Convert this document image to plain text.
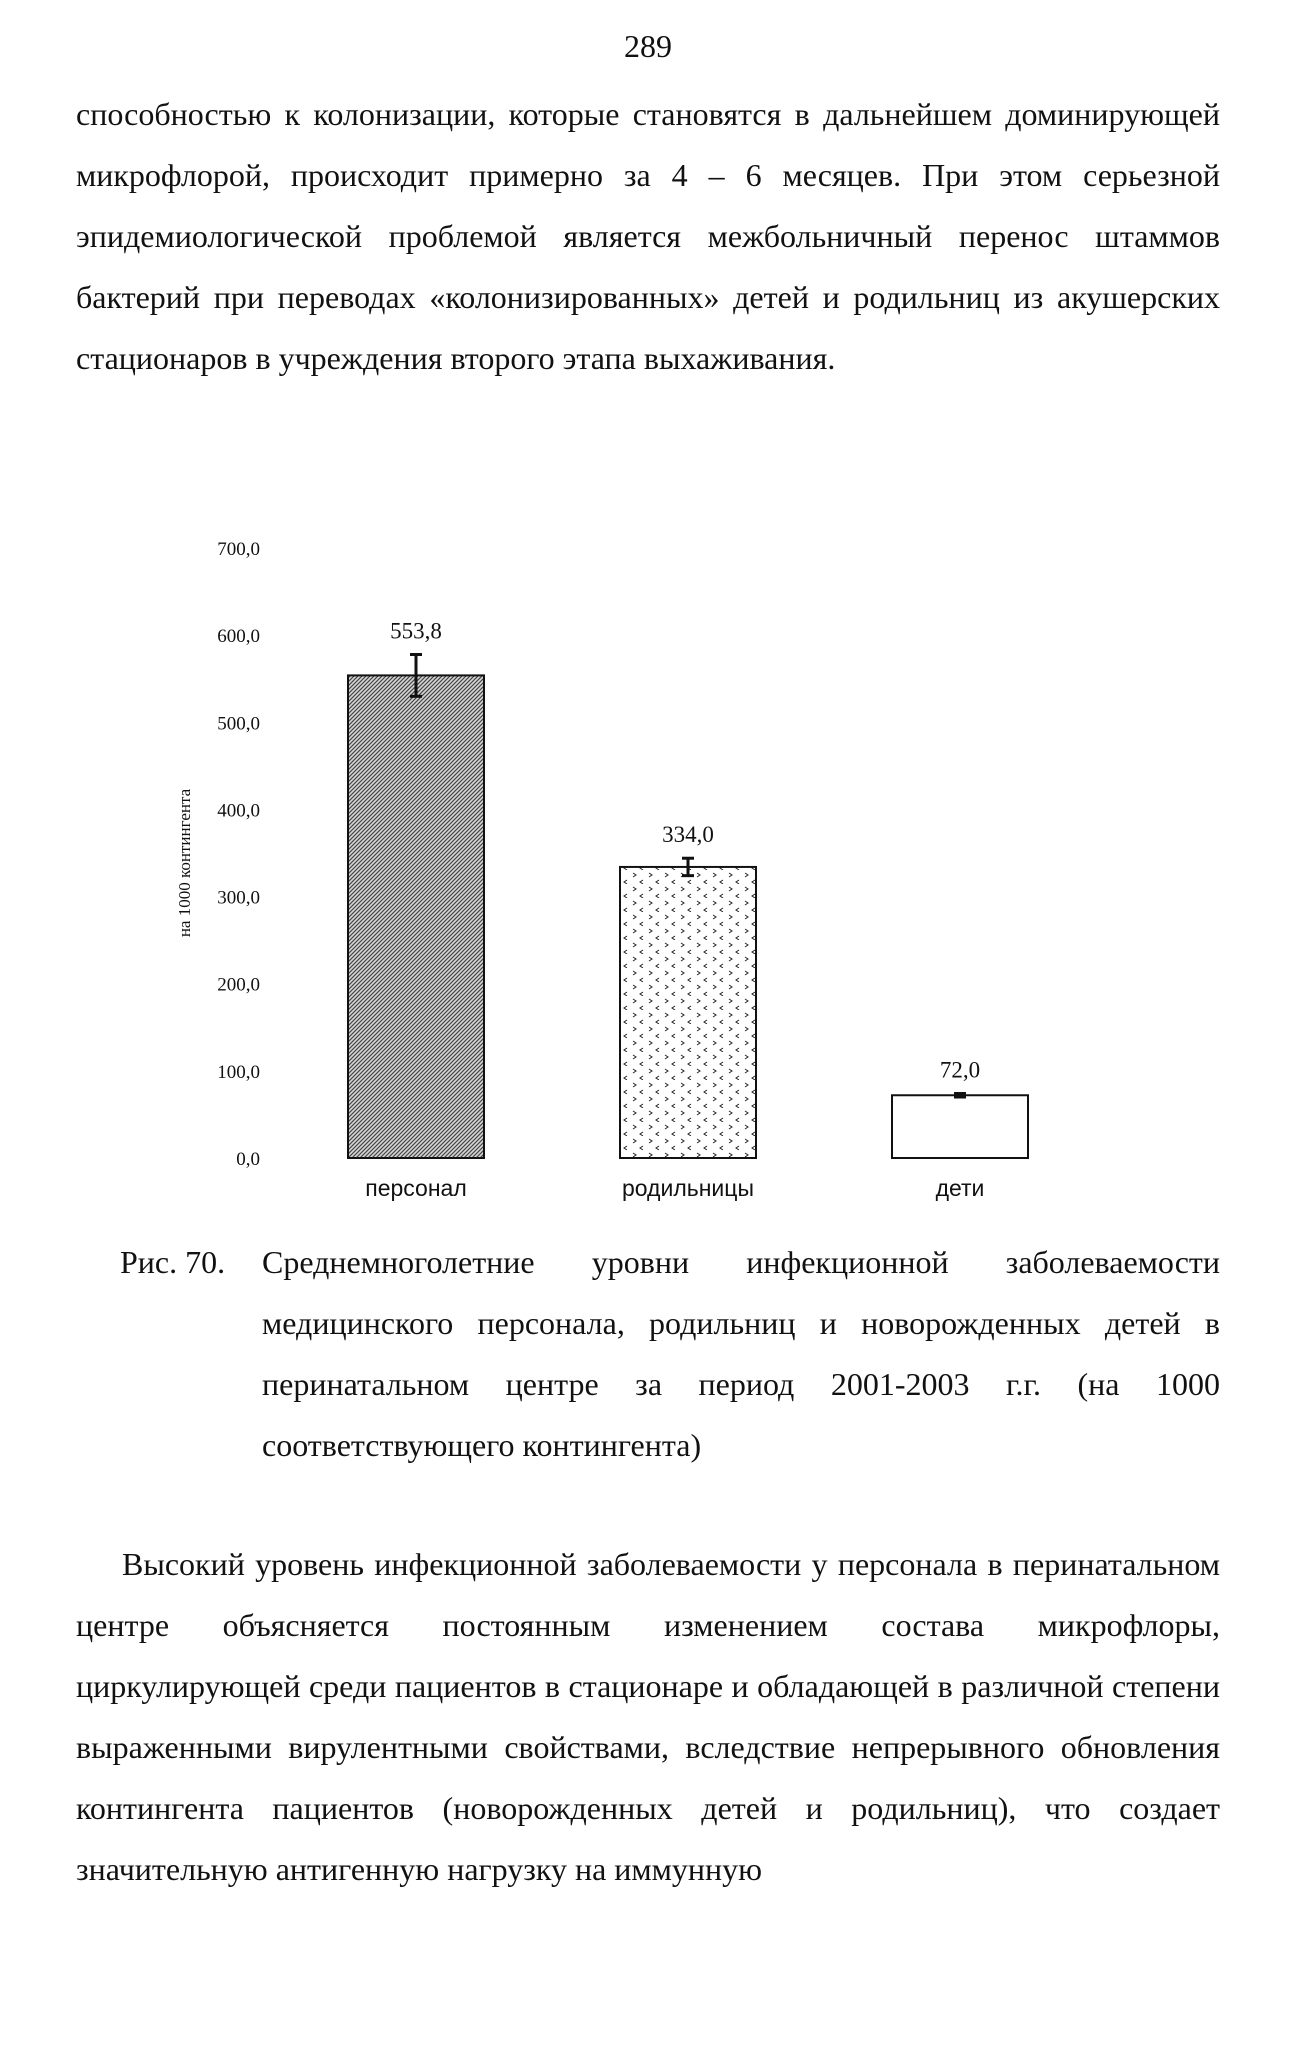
289
способностью к колонизации, которые становятся в дальнейшем доминирующей микрофлорой, происходит примерно за 4 – 6 месяцев. При этом серьезной эпидемиологической проблемой является межбольничный перенос штаммов бактерий при переводах «колонизированных» детей и родильниц из акушерских стационаров в учреждения второго этапа выхаживания.
0,0
100,0
200,0
300,0
400,0
500,0
600,0
700,0
на 1000 контингента
553,8
персонал
334,0
родильницы
72,0
дети
Рис. 70. Среднемноголетние уровни инфекционной заболеваемости медицинского персонала, родильниц и новорожденных детей в перинатальном центре за период 2001-2003 г.г. (на 1000 соответствующего контингента)
Высокий уровень инфекционной заболеваемости у персонала в перинатальном центре объясняется постоянным изменением состава микрофлоры, циркулирующей среди пациентов в стационаре и обладающей в различной степени выраженными вирулентными свойствами, вследствие непрерывного обновления контингента пациентов (новорожденных детей и родильниц), что создает значительную антигенную нагрузку на иммунную
